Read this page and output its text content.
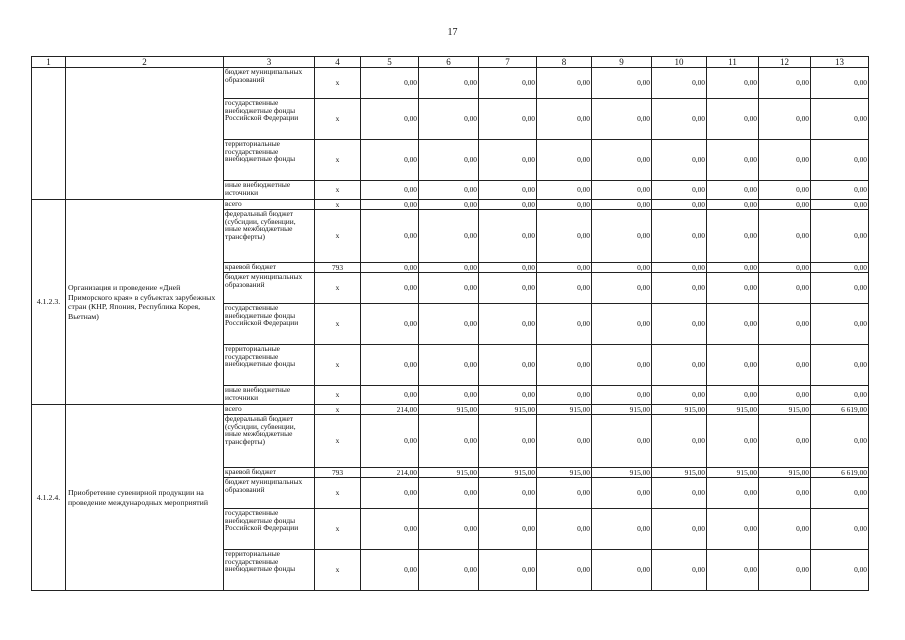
17
1	2	3	4	5	6	7	8	9	10	11	12	13
		бюджет муниципальных образований	x	0,00	0,00	0,00	0,00	0,00	0,00	0,00	0,00	0,00
		государственные внебюджетные фонды Российской Федерации	x	0,00	0,00	0,00	0,00	0,00	0,00	0,00	0,00	0,00
		территориальные государственные внебюджетные фонды	x	0,00	0,00	0,00	0,00	0,00	0,00	0,00	0,00	0,00
		иные внебюджетные источники	x	0,00	0,00	0,00	0,00	0,00	0,00	0,00	0,00	0,00
4.1.2.3.	Организация и проведение «Дней Приморского края» в субъектах зарубежных стран (КНР, Япония, Республика Корея, Вьетнам)	всего	x	0,00	0,00	0,00	0,00	0,00	0,00	0,00	0,00	0,00
		федеральный бюджет (субсидии, субвенции, иные межбюджетные трансферты)	x	0,00	0,00	0,00	0,00	0,00	0,00	0,00	0,00	0,00
		краевой бюджет	793	0,00	0,00	0,00	0,00	0,00	0,00	0,00	0,00	0,00
		бюджет муниципальных образований	x	0,00	0,00	0,00	0,00	0,00	0,00	0,00	0,00	0,00
		государственные внебюджетные фонды Российской Федерации	x	0,00	0,00	0,00	0,00	0,00	0,00	0,00	0,00	0,00
		территориальные государственные внебюджетные фонды	x	0,00	0,00	0,00	0,00	0,00	0,00	0,00	0,00	0,00
		иные внебюджетные источники	x	0,00	0,00	0,00	0,00	0,00	0,00	0,00	0,00	0,00
4.1.2.4.	Приобретение сувенирной продукции на проведение международных мероприятий	всего	x	214,00	915,00	915,00	915,00	915,00	915,00	915,00	915,00	6 619,00
		федеральный бюджет (субсидии, субвенции, иные межбюджетные трансферты)	x	0,00	0,00	0,00	0,00	0,00	0,00	0,00	0,00	0,00
		краевой бюджет	793	214,00	915,00	915,00	915,00	915,00	915,00	915,00	915,00	6 619,00
		бюджет муниципальных образований	x	0,00	0,00	0,00	0,00	0,00	0,00	0,00	0,00	0,00
		государственные внебюджетные фонды Российской Федерации	x	0,00	0,00	0,00	0,00	0,00	0,00	0,00	0,00	0,00
		территориальные государственные внебюджетные фонды	x	0,00	0,00	0,00	0,00	0,00	0,00	0,00	0,00	0,00
